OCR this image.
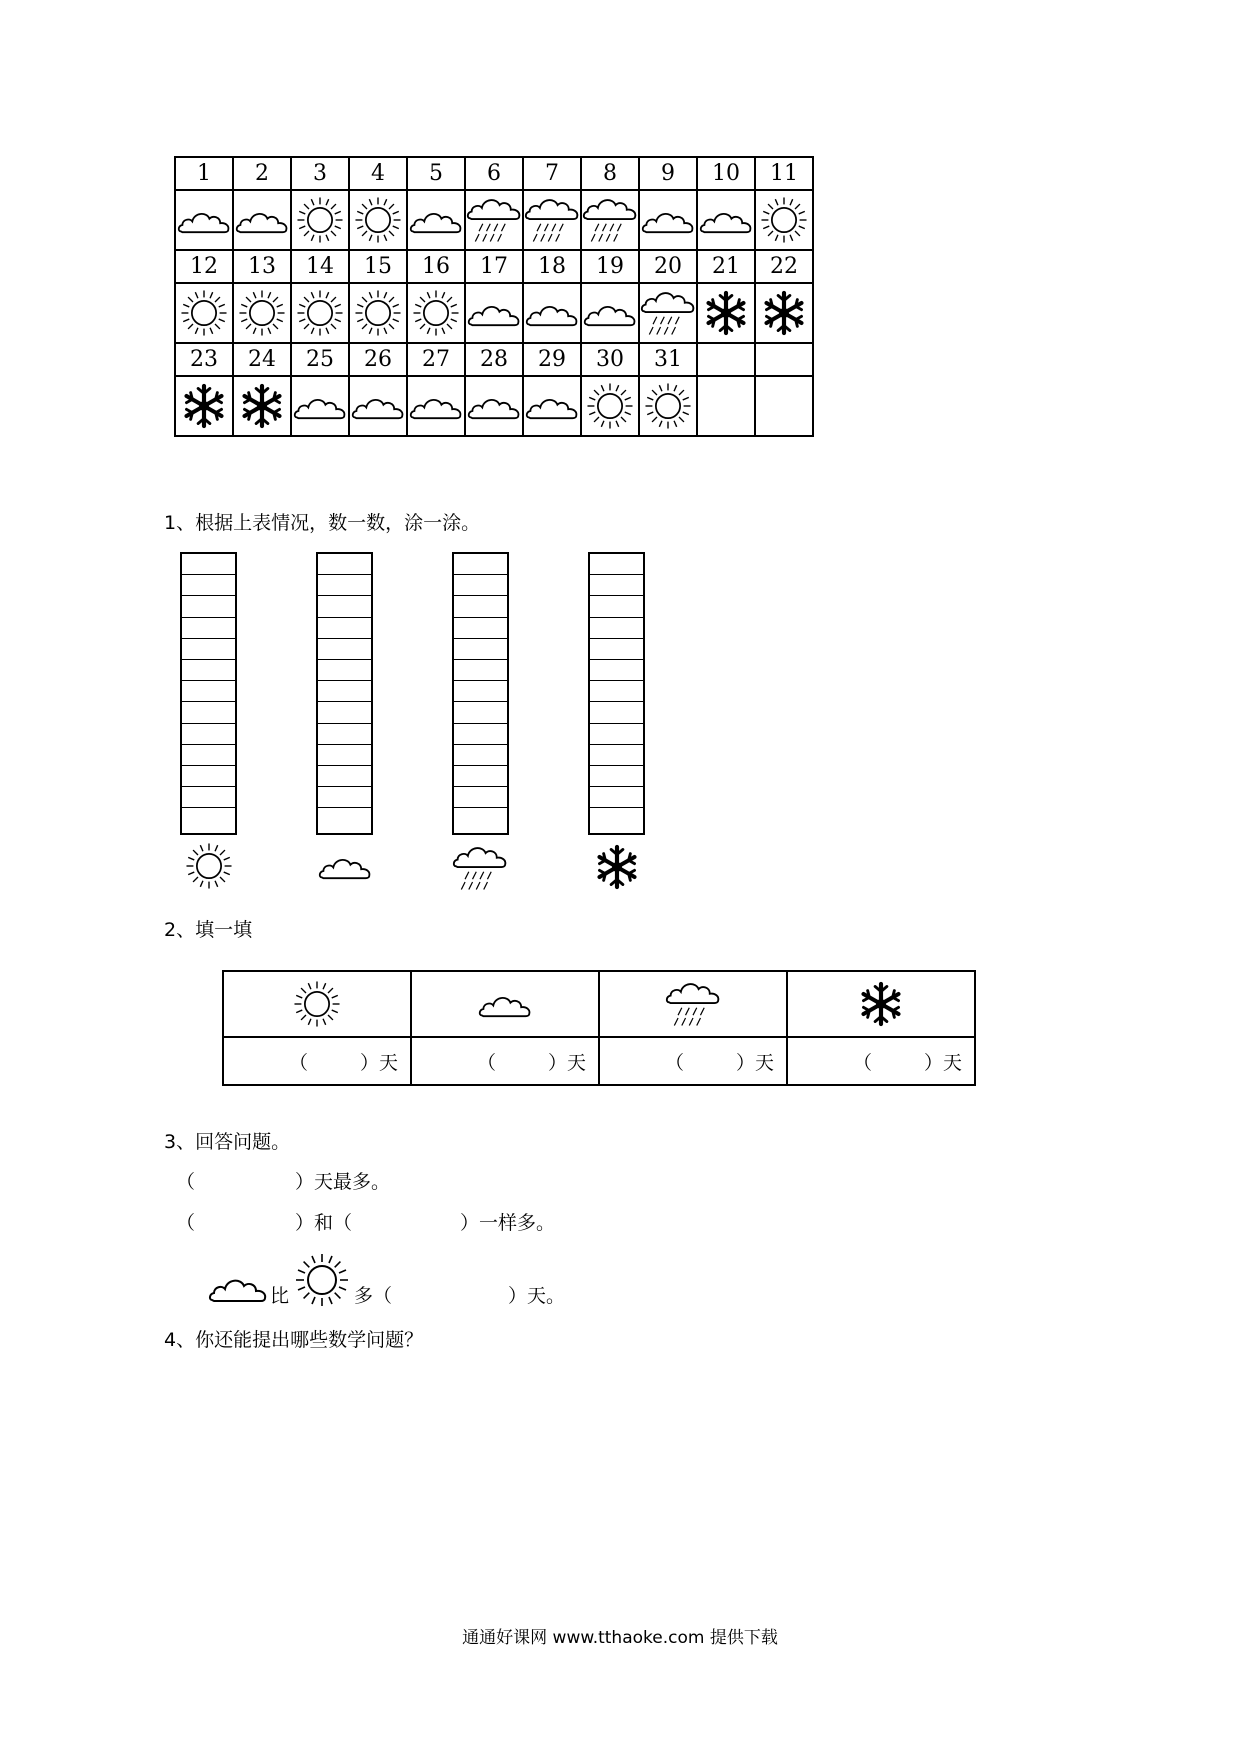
1	2	3	4	5	6	7	8	9	10	11

12	13	14	15	16	17	18	19	20	21	22

23	24	25	26	27	28	29	30	31		

1、根据上表情况，数一数，涂一涂。
2、填一填

（ ）天	（ ）天	（ ）天	（ ）天
3、回答问题。
（	）天最多。
（	）和（	）一样多。
比	多（	）天。
4、你还能提出哪些数学问题？
通通好课网 www.tthaoke.com 提供下载
